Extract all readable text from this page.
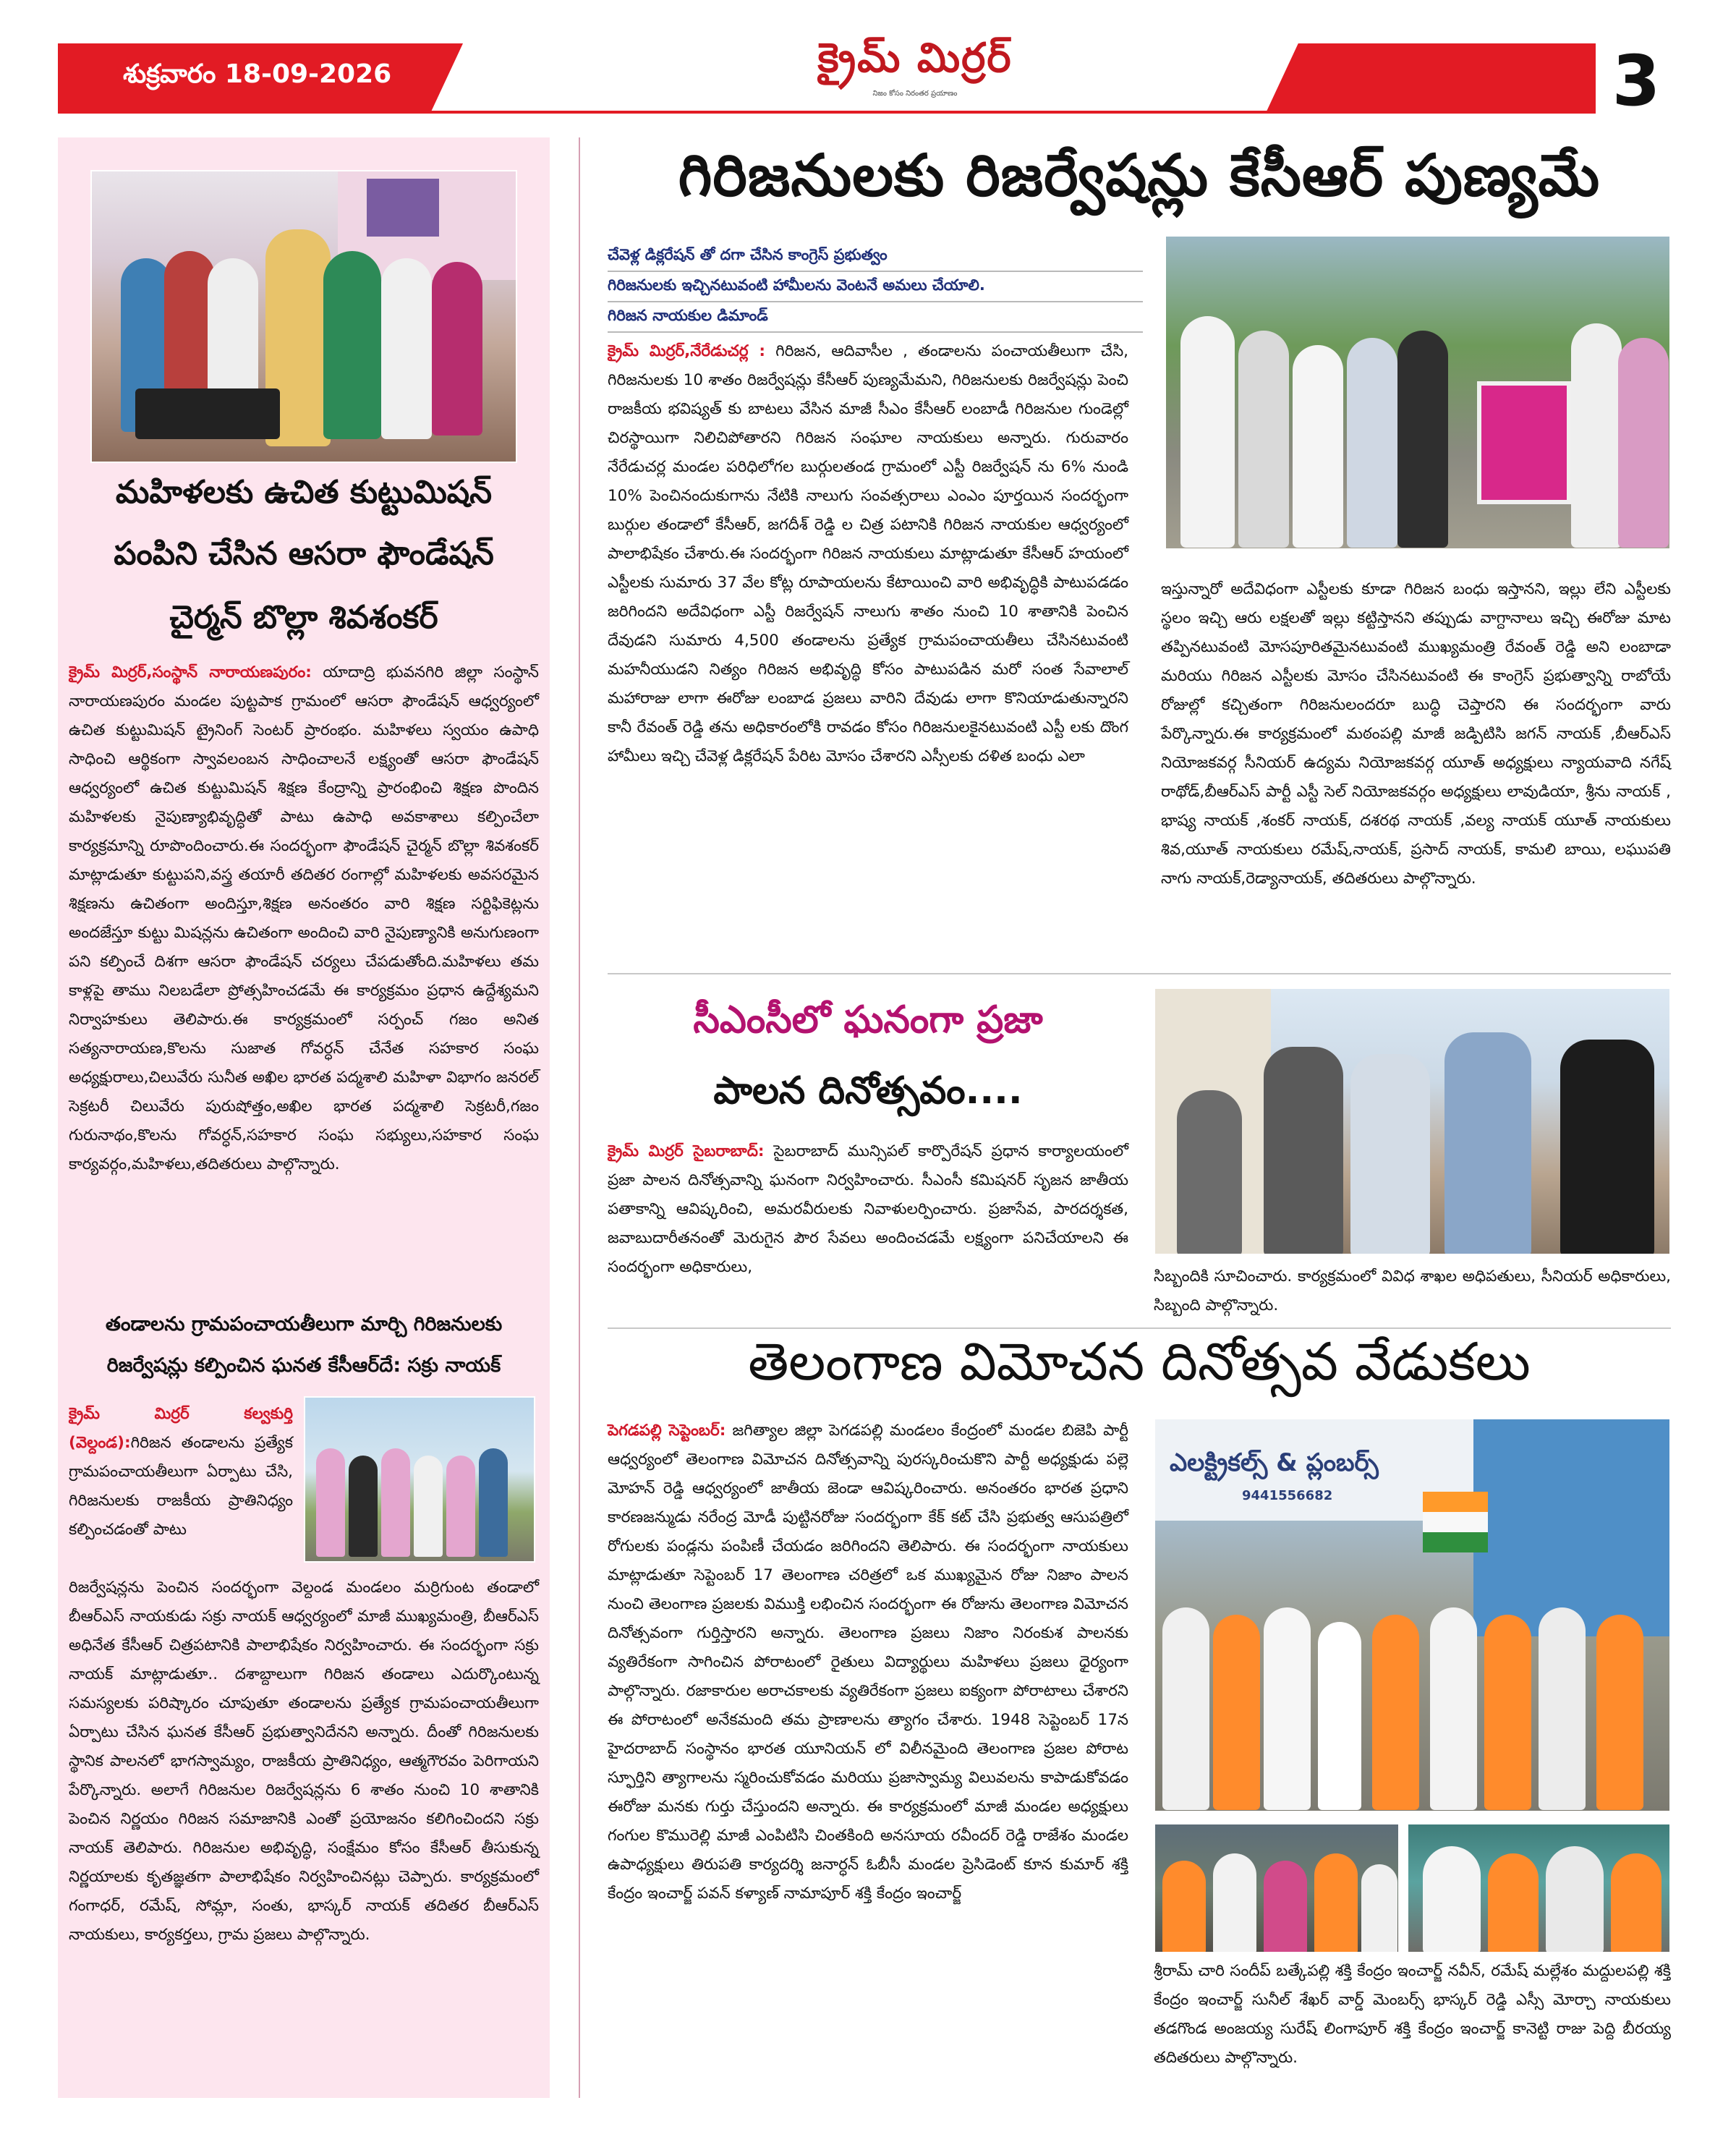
శుక్రవారం 18-09-2026	క్రైమ్ మిర్రర్
నిజం కోసం నిరంతర ప్రయాణం	3
మహిళలకు ఉచిత కుట్టుమిషన్
పంపిని చేసిన ఆసరా ఫౌండేషన్
చైర్మన్ బొల్లా శివశంకర్
క్రైమ్ మిర్రర్,సంస్థాన్ నారాయణపురం: యాదాద్రి భువనగిరి జిల్లా సంస్థాన్ నారాయణపురం మండల పుట్టపాక గ్రామంలో ఆసరా ఫౌండేషన్ ఆధ్వర్యంలో ఉచిత కుట్టుమిషన్ ట్రైనింగ్ సెంటర్ ప్రారంభం. మహిళలు స్వయం ఉపాధి సాధించి ఆర్థికంగా స్వావలంబన సాధించాలనే లక్ష్యంతో ఆసరా ఫౌండేషన్ ఆధ్వర్యంలో ఉచిత కుట్టుమిషన్ శిక్షణ కేంద్రాన్ని ప్రారంభించి శిక్షణ పొందిన మహిళలకు నైపుణ్యాభివృద్ధితో పాటు ఉపాధి అవకాశాలు కల్పించేలా కార్యక్రమాన్ని రూపొందించారు.ఈ సందర్భంగా ఫౌండేషన్ చైర్మన్ బొల్లా శివశంకర్ మాట్లాడుతూ కుట్టుపని,వస్త్ర తయారీ తదితర రంగాల్లో మహిళలకు అవసరమైన శిక్షణను ఉచితంగా అందిస్తూ,శిక్షణ అనంతరం వారి శిక్షణ సర్టిఫికెట్లను అందజేస్తూ కుట్టు మిషన్లను ఉచితంగా అందించి వారి నైపుణ్యానికి అనుగుణంగా పని కల్పించే దిశగా ఆసరా ఫౌండేషన్ చర్యలు చేపడుతోంది.మహిళలు తమ కాళ్లపై తాము నిలబడేలా ప్రోత్సహించడమే ఈ కార్యక్రమం ప్రధాన ఉద్దేశ్యమని నిర్వాహకులు తెలిపారు.ఈ కార్యక్రమంలో సర్పంచ్ గజం అనిత సత్యనారాయణ,కొలను సుజాత గోవర్ధన్ చేనేత సహకార సంఘ అధ్యక్షురాలు,చిలువేరు సునీత అఖిల భారత పద్మశాలి మహిళా విభాగం జనరల్ సెక్రటరీ చిలువేరు పురుషోత్తం,అఖిల భారత పద్మశాలి సెక్రటరీ,గజం గురునాథం,కొలను గోవర్ధన్,సహకార సంఘ సభ్యులు,సహకార సంఘ కార్యవర్గం,మహిళలు,తదితరులు పాల్గొన్నారు.
తండాలను గ్రామపంచాయతీలుగా మార్చి గిరిజనులకు
రిజర్వేషన్లు కల్పించిన ఘనత కేసీఆర్‌దే: సక్రు నాయక్
క్రైమ్ మిర్రర్ కల్వకుర్తి (వెల్దండ):గిరిజన తండాలను ప్రత్యేక గ్రామపంచాయతీలుగా ఏర్పాటు చేసి, గిరిజనులకు రాజకీయ ప్రాతినిధ్యం కల్పించడంతో పాటు
రిజర్వేషన్లను పెంచిన సందర్భంగా వెల్దండ మండలం మర్రిగుంట తండాలో బీఆర్ఎస్ నాయకుడు సక్రు నాయక్ ఆధ్వర్యంలో మాజీ ముఖ్యమంత్రి, బీఆర్ఎస్ అధినేత కేసీఆర్ చిత్రపటానికి పాలాభిషేకం నిర్వహించారు. ఈ సందర్భంగా సక్రు నాయక్ మాట్లాడుతూ.. దశాబ్దాలుగా గిరిజన తండాలు ఎదుర్కొంటున్న సమస్యలకు పరిష్కారం చూపుతూ తండాలను ప్రత్యేక గ్రామపంచాయతీలుగా ఏర్పాటు చేసిన ఘనత కేసీఆర్ ప్రభుత్వానిదేనని అన్నారు. దీంతో గిరిజనులకు స్థానిక పాలనలో భాగస్వామ్యం, రాజకీయ ప్రాతినిధ్యం, ఆత్మగౌరవం పెరిగాయని పేర్కొన్నారు. అలాగే గిరిజనుల రిజర్వేషన్లను 6 శాతం నుంచి 10 శాతానికి పెంచిన నిర్ణయం గిరిజన సమాజానికి ఎంతో ప్రయోజనం కలిగించిందని సక్రు నాయక్ తెలిపారు. గిరిజనుల అభివృద్ధి, సంక్షేమం కోసం కేసీఆర్ తీసుకున్న నిర్ణయాలకు కృతజ్ఞతగా పాలాభిషేకం నిర్వహించినట్లు చెప్పారు. కార్యక్రమంలో గంగాధర్, రమేష్, సోమ్లా, సంతు, భాస్కర్ నాయక్ తదితర బీఆర్ఎస్ నాయకులు, కార్యకర్తలు, గ్రామ ప్రజలు పాల్గొన్నారు.
గిరిజనులకు రిజర్వేషన్లు కేసీఆర్ పుణ్యమే
చేవెళ్ల డిక్లరేషన్ తో దగా చేసిన కాంగ్రెస్ ప్రభుత్వం
గిరిజనులకు ఇచ్చినటువంటి హామీలను వెంటనే అమలు చేయాలి.
గిరిజన నాయకుల డిమాండ్
క్రైమ్ మిర్రర్,నేరేడుచర్ల : గిరిజన, ఆదివాసీల , తండాలను పంచాయతీలుగా చేసి, గిరిజనులకు 10 శాతం రిజర్వేషన్లు కేసీఆర్ పుణ్యమేమని, గిరిజనులకు రిజర్వేషన్లు పెంచి రాజకీయ భవిష్యత్ కు బాటలు వేసిన మాజీ సీఎం కేసీఆర్ లంబాడీ గిరిజనుల గుండెల్లో చిరస్థాయిగా నిలిచిపోతారని గిరిజన సంఘాల నాయకులు అన్నారు. గురువారం నేరేడుచర్ల మండల పరిధిలోగల బుర్గులతండ గ్రామంలో ఎస్టీ రిజర్వేషన్ ను 6% నుండి 10% పెంచినందుకుగాను నేటికి నాలుగు సంవత్సరాలు ఎంఎం పూర్తయిన సందర్భంగా బుర్గుల తండాలో కేసీఆర్, జగదీశ్ రెడ్డి ల చిత్ర పటానికి గిరిజన నాయకుల ఆధ్వర్యంలో పాలాభిషేకం చేశారు.ఈ సందర్భంగా గిరిజన నాయకులు మాట్లాడుతూ కేసీఆర్ హయంలో ఎస్టీలకు సుమారు 37 వేల కోట్ల రూపాయలను కేటాయించి వారి అభివృద్ధికి పాటుపడడం జరిగిందని అదేవిధంగా ఎస్టీ రిజర్వేషన్ నాలుగు శాతం నుంచి 10 శాతానికి పెంచిన దేవుడని సుమారు 4,500 తండాలను ప్రత్యేక గ్రామపంచాయతీలు చేసినటువంటి మహనీయుడని నిత్యం గిరిజన అభివృద్ధి కోసం పాటుపడిన మరో సంత సేవాలాల్ మహారాజు లాగా ఈరోజు లంబాడ ప్రజలు వారిని దేవుడు లాగా కొనియాడుతున్నారని కానీ రేవంత్ రెడ్డి తను అధికారంలోకి రావడం కోసం గిరిజనులకైనటువంటి ఎస్టీ లకు దొంగ హామీలు ఇచ్చి చేవెళ్ల డిక్లరేషన్ పేరిట మోసం చేశారని ఎస్సీలకు దళిత బంధు ఎలా
ఇస్తున్నారో అదేవిధంగా ఎస్టీలకు కూడా గిరిజన బంధు ఇస్తానని, ఇల్లు లేని ఎస్టీలకు స్థలం ఇచ్చి ఆరు లక్షలతో ఇల్లు కట్టిస్తానని తప్పుడు వాగ్దానాలు ఇచ్చి ఈరోజు మాట తప్పినటువంటి మోసపూరితమైనటువంటి ముఖ్యమంత్రి రేవంత్ రెడ్డి అని లంబాడా మరియు గిరిజన ఎస్టీలకు మోసం చేసినటువంటి ఈ కాంగ్రెస్ ప్రభుత్వాన్ని రాబోయే రోజుల్లో కచ్చితంగా గిరిజనులందరూ బుద్ధి చెప్తారని ఈ సందర్భంగా వారు పేర్కొన్నారు.ఈ కార్యక్రమంలో మఠంపల్లి మాజీ జడ్పిటిసి జగన్ నాయక్ ,బీఆర్ఎస్ నియోజకవర్గ సీనియర్ ఉద్యమ నియోజకవర్గ యూత్ అధ్యక్షులు న్యాయవాది నగేష్ రాథోడ్,బీఆర్ఎస్ పార్టీ ఎస్టీ సెల్ నియోజకవర్గం అధ్యక్షులు లావుడియా, శ్రీను నాయక్ , భాష్య నాయక్ ,శంకర్ నాయక్, దశరథ నాయక్ ,వల్య నాయక్ యూత్ నాయకులు శివ,యూత్ నాయకులు రమేష్,నాయక్, ప్రసాద్ నాయక్, కామలి బాయి, లఘుపతి నాగు నాయక్,రెడ్యానాయక్, తదితరులు పాల్గొన్నారు.
సీఎంసీలో ఘనంగా ప్రజా
పాలన దినోత్సవం....
క్రైమ్ మిర్రర్ సైబరాబాద్: సైబరాబాద్ మున్సిపల్ కార్పొరేషన్ ప్రధాన కార్యాలయంలో ప్రజా పాలన దినోత్సవాన్ని ఘనంగా నిర్వహించారు. సీఎంసీ కమిషనర్ సృజన జాతీయ పతాకాన్ని ఆవిష్కరించి, అమరవీరులకు నివాళులర్పించారు. ప్రజాసేవ, పారదర్శకత, జవాబుదారీతనంతో మెరుగైన పౌర సేవలు అందించడమే లక్ష్యంగా పనిచేయాలని ఈ సందర్భంగా అధికారులు,
సిబ్బందికి సూచించారు. కార్యక్రమంలో వివిధ శాఖల అధిపతులు, సీనియర్ అధికారులు, సిబ్బంది పాల్గొన్నారు.
తెలంగాణ విమోచన దినోత్సవ వేడుకలు
పెగడపల్లి సెప్టెంబర్: జగిత్యాల జిల్లా పెగడపల్లి మండలం కేంద్రంలో మండల బిజెపి పార్టీ ఆధ్వర్యంలో తెలంగాణ విమోచన దినోత్సవాన్ని పురస్కరించుకొని పార్టీ అధ్యక్షుడు పల్లె మోహన్ రెడ్డి ఆధ్వర్యంలో జాతీయ జెండా ఆవిష్కరించారు. అనంతరం భారత ప్రధాని కారణజన్ముడు నరేంద్ర మోడీ పుట్టినరోజు సందర్భంగా కేక్ కట్ చేసి ప్రభుత్వ ఆసుపత్రిలో రోగులకు పండ్లను పంపిణీ చేయడం జరిగిందని తెలిపారు. ఈ సందర్భంగా నాయకులు మాట్లాడుతూ సెప్టెంబర్ 17 తెలంగాణ చరిత్రలో ఒక ముఖ్యమైన రోజు నిజాం పాలన నుంచి తెలంగాణ ప్రజలకు విముక్తి లభించిన సందర్భంగా ఈ రోజును తెలంగాణ విమోచన దినోత్సవంగా గుర్తిస్తారని అన్నారు. తెలంగాణ ప్రజలు నిజాం నిరంకుశ పాలనకు వ్యతిరేకంగా సాగించిన పోరాటంలో రైతులు విద్యార్థులు మహిళలు ప్రజలు ధైర్యంగా పాల్గొన్నారు. రజాకారుల అరాచకాలకు వ్యతిరేకంగా ప్రజలు ఐక్యంగా పోరాటాలు చేశారని ఈ పోరాటంలో అనేకమంది తమ ప్రాణాలను త్యాగం చేశారు. 1948 సెప్టెంబర్ 17న హైదరాబాద్ సంస్థానం భారత యూనియన్ లో విలీనమైంది తెలంగాణ ప్రజల పోరాట స్ఫూర్తిని త్యాగాలను స్మరించుకోవడం మరియు ప్రజాస్వామ్య విలువలను కాపాడుకోవడం ఈరోజు మనకు గుర్తు చేస్తుందని అన్నారు. ఈ కార్యక్రమంలో మాజీ మండల అధ్యక్షులు గంగుల కొమురెల్లి మాజీ ఎంపిటిసి చింతకింది అనసూయ రవీందర్ రెడ్డి రాజేశం మండల ఉపాధ్యక్షులు తిరుపతి కార్యదర్శి జనార్ధన్ ఓబీసీ మండల ప్రెసిడెంట్ కూన కుమార్ శక్తి కేంద్రం ఇంచార్జ్ పవన్ కళ్యాణ్ నామాపూర్ శక్తి కేంద్రం ఇంచార్జ్
ఎలక్ట్రికల్స్ & ప్లంబర్స్
9441556682
శ్రీరామ్ చారి సందీప్ బత్కేపల్లి శక్తి కేంద్రం ఇంచార్జ్ నవీన్, రమేష్ మల్లేశం మద్దులపల్లి శక్తి కేంద్రం ఇంచార్జ్ సునీల్ శేఖర్ వార్డ్ మెంబర్స్ భాస్కర్ రెడ్డి ఎస్సీ మోర్చా నాయకులు తడగొండ అంజయ్య సురేష్ లింగాపూర్ శక్తి కేంద్రం ఇంచార్జ్ కానెట్టి రాజు పెద్ది బీరయ్య తదితరులు పాల్గొన్నారు.
